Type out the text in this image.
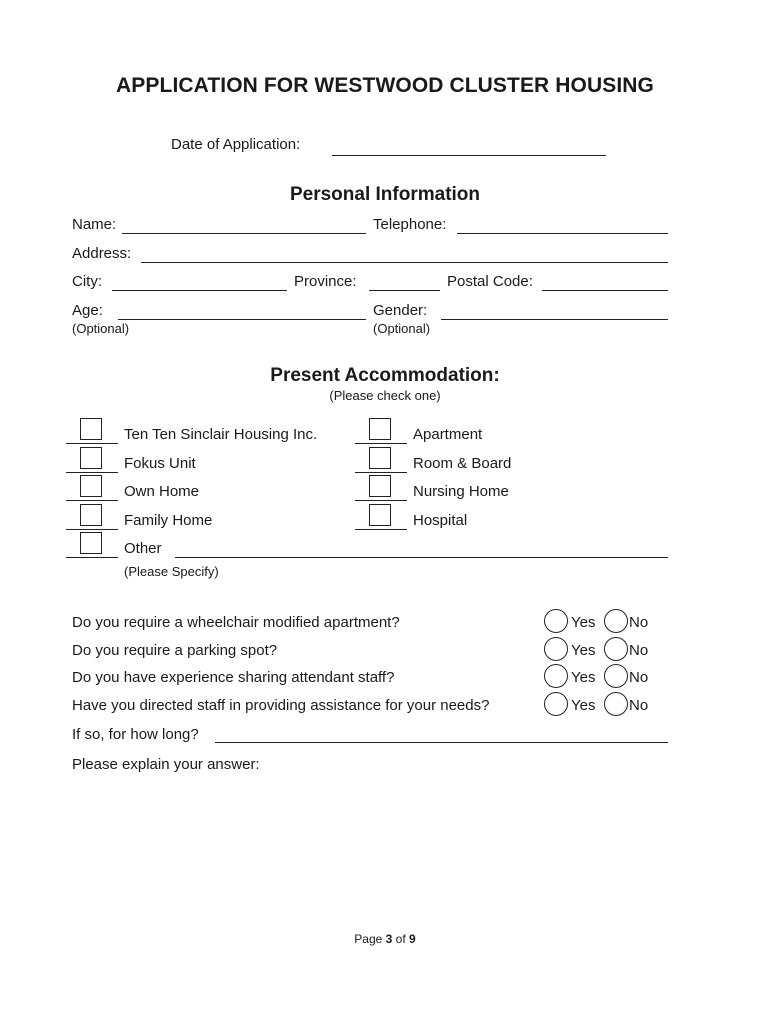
APPLICATION FOR WESTWOOD CLUSTER HOUSING
Date of Application:
Personal Information
Name:	Telephone:
Address:
City:	Province:	Postal Code:
Age:	Gender:
(Optional)	(Optional)
Present Accommodation:
(Please check one)
Ten Ten Sinclair Housing Inc.
Fokus Unit
Own Home
Family Home
Apartment
Room & Board
Nursing Home
Hospital
Other
(Please Specify)
Do you require a wheelchair modified apartment?	Yes No
Do you require a parking spot?	Yes No
Do you have experience sharing attendant staff?	Yes No
Have you directed staff in providing assistance for your needs?	Yes No
If so, for how long?
Please explain your answer:
Page 3 of 9
